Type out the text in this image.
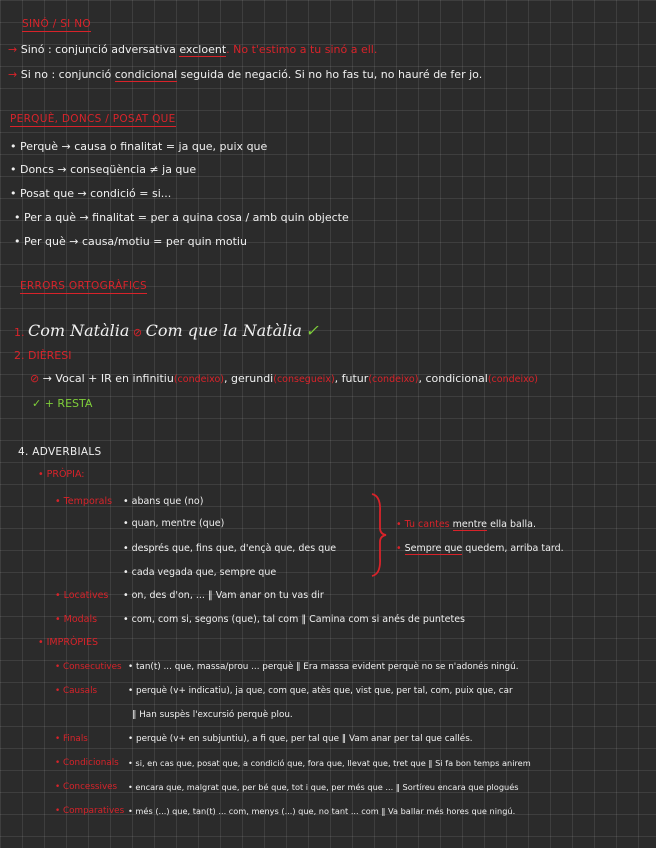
SINÓ / SI NO
→ Sinó : conjunció adversativa excloent. No t'estimo a tu sinó a ell.
→ Si no : conjunció condicional seguida de negació. Si no ho fas tu, no hauré de fer jo.
PERQUÈ, DONCS / POSAT QUE
• Perquè → causa o finalitat = ja que, puix que
• Doncs → conseqüència ≠ ja que
• Posat que → condició = si...
• Per a què → finalitat = per a quina cosa / amb quin objecte
• Per què → causa/motiu = per quin motiu
ERRORS ORTOGRÀFICS
1. Com Natàlia ⊘ Com que la Natàlia ✓
2. DIÈRESI
⊘ → Vocal + IR en infinitiu(condeixo), gerundi(consegueix), futur(condeixo), condicional(condeixo)
✓ + RESTA
4. ADVERBIALS
• PRÒPIA:
• Temporals • abans que (no)
• quan, mentre (que)
• després que, fins que, d'ençà que, des que
• cada vegada que, sempre que
• Tu cantes mentre ella balla.
• Sempre que quedem, arriba tard.
• Locatives • on, des d'on, ... ‖ Vam anar on tu vas dir
• Modals	• com, com si, segons (que), tal com ‖ Camina com si anés de puntetes
• IMPRÒPIES
• Consecutives • tan(t) ... que, massa/prou ... perquè ‖ Era massa evident perquè no se n'adonés ningú.
• Causals	• perquè (v+ indicatiu), ja que, com que, atès que, vist que, per tal, com, puix que, car
‖ Han suspès l'excursió perquè plou.
• Finals	• perquè (v+ en subjuntiu), a fi que, per tal que ‖ Vam anar per tal que callés.
• Condicionals • si, en cas que, posat que, a condició que, fora que, llevat que, tret que ‖ Si fa bon temps anirem
• Concessives • encara que, malgrat que, per bé que, tot i que, per més que ... ‖ Sortíreu encara que plogués
• Comparatives • més (...) que, tan(t) ... com, menys (...) que, no tant ... com ‖ Va ballar més hores que ningú.
